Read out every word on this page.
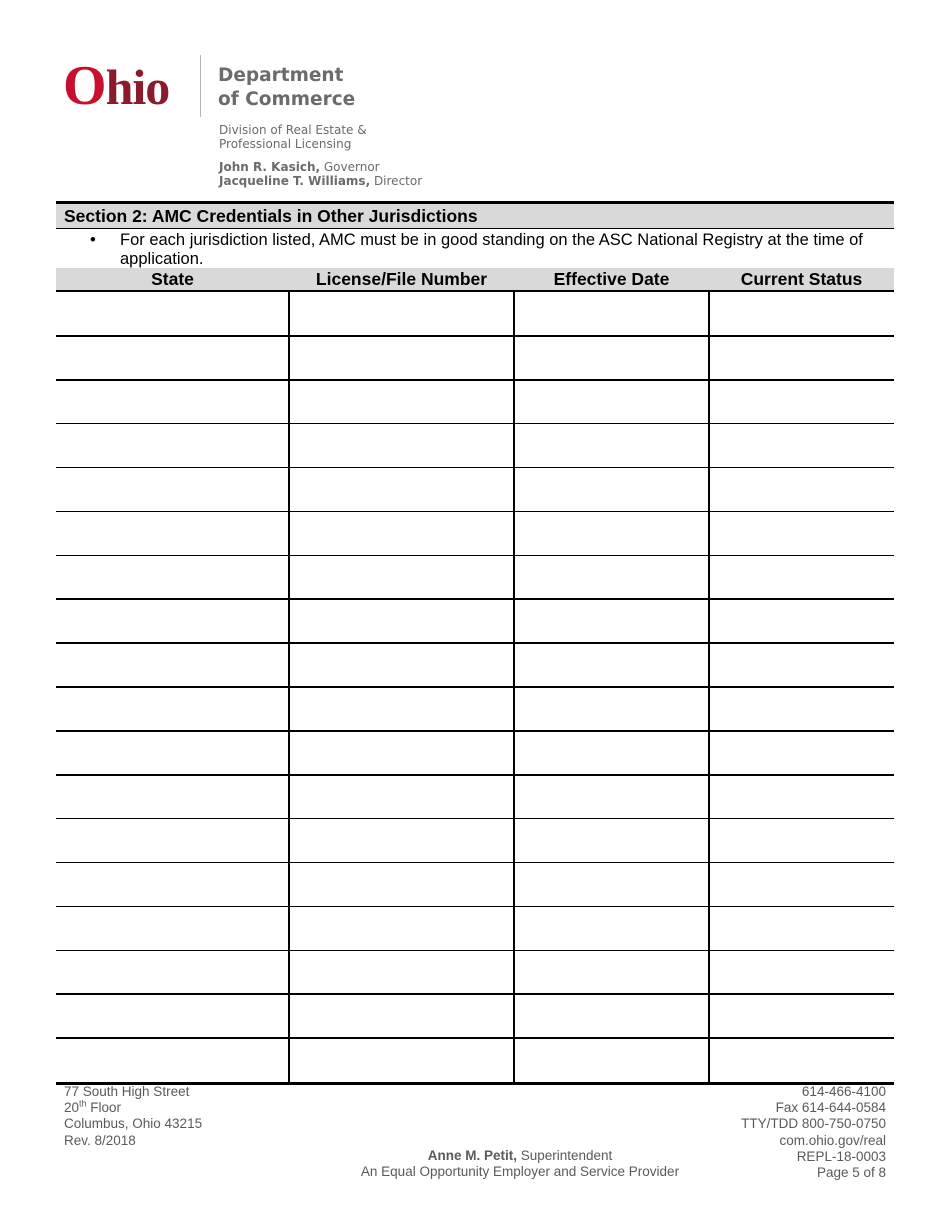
Ohio	Department
of Commerce
Division of Real Estate &
Professional Licensing
John R. Kasich, Governor
Jacqueline T. Williams, Director
Section 2: AMC Credentials in Other Jurisdictions
• For each jurisdiction listed, AMC must be in good standing on the ASC National Registry at the time of application.
State	License/File Number	Effective Date	Current Status
77 South High Street
20th Floor
Columbus, Ohio 43215
Rev. 8/2018
Anne M. Petit, Superintendent
An Equal Opportunity Employer and Service Provider
614-466-4100
Fax 614-644-0584
TTY/TDD 800-750-0750
com.ohio.gov/real
REPL-18-0003
Page 5 of 8
